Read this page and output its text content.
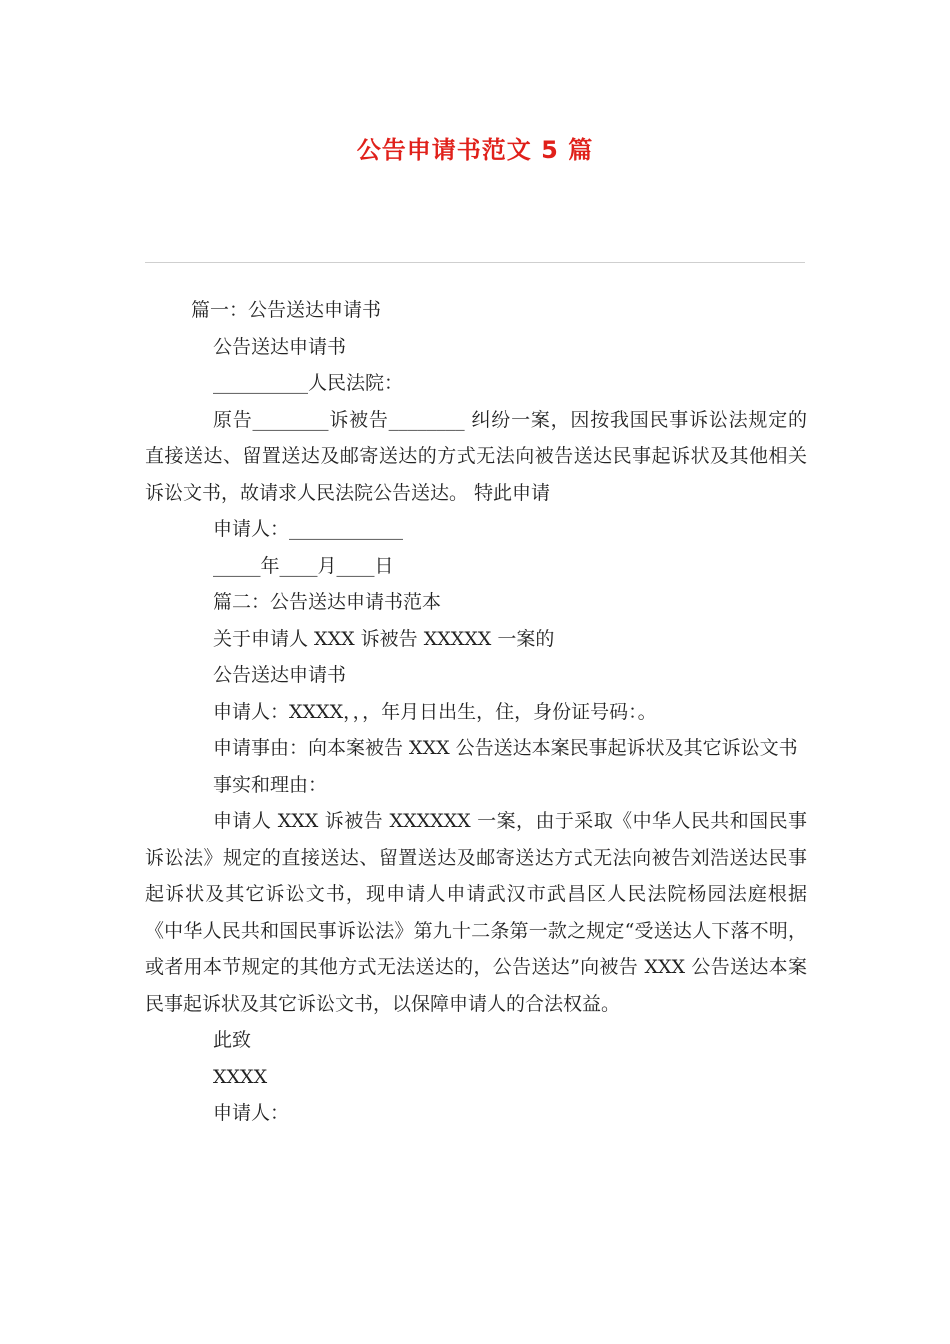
公告申请书范文 5 篇

篇一：公告送达申请书

公告送达申请书

__________人民法院：

原告________诉被告________ 纠纷一案，因按我国民事诉讼法规定的直接送达、留置送达及邮寄送达的方式无法向被告送达民事起诉状及其他相关诉讼文书，故请求人民法院公告送达。 特此申请

申请人：____________

_____年____月____日

篇二：公告送达申请书范本

关于申请人 XXX 诉被告 XXXXX 一案的

公告送达申请书

申请人：XXXX，，，年月日出生，住，身份证号码：。

申请事由：向本案被告 XXX 公告送达本案民事起诉状及其它诉讼文书

事实和理由：

申请人 XXX 诉被告 XXXXXX 一案，由于采取《中华人民共和国民事诉讼法》规定的直接送达、留置送达及邮寄送达方式无法向被告刘浩送达民事起诉状及其它诉讼文书，现申请人申请武汉市武昌区人民法院杨园法庭根据《中华人民共和国民事诉讼法》第九十二条第一款之规定“受送达人下落不明，或者用本节规定的其他方式无法送达的，公告送达”向被告 XXX 公告送达本案民事起诉状及其它诉讼文书，以保障申请人的合法权益。

此致

XXXX

申请人：
